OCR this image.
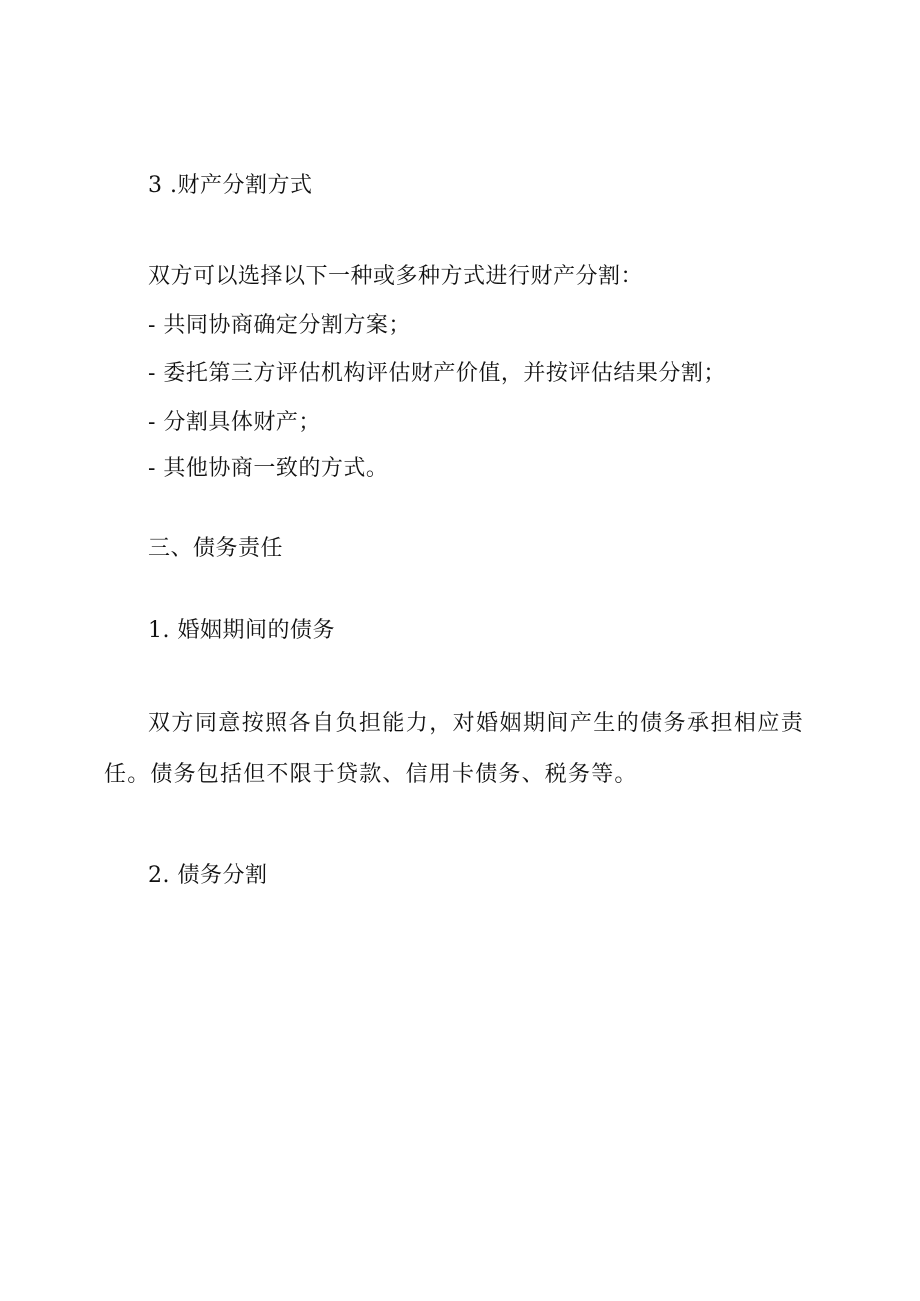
3 .财产分割方式
双方可以选择以下一种或多种方式进行财产分割：
- 共同协商确定分割方案；
- 委托第三方评估机构评估财产价值，并按评估结果分割；
- 分割具体财产；
- 其他协商一致的方式。
三、债务责任
1. 婚姻期间的债务
双方同意按照各自负担能力，对婚姻期间产生的债务承担相应责任。债务包括但不限于贷款、信用卡债务、税务等。
2. 债务分割
